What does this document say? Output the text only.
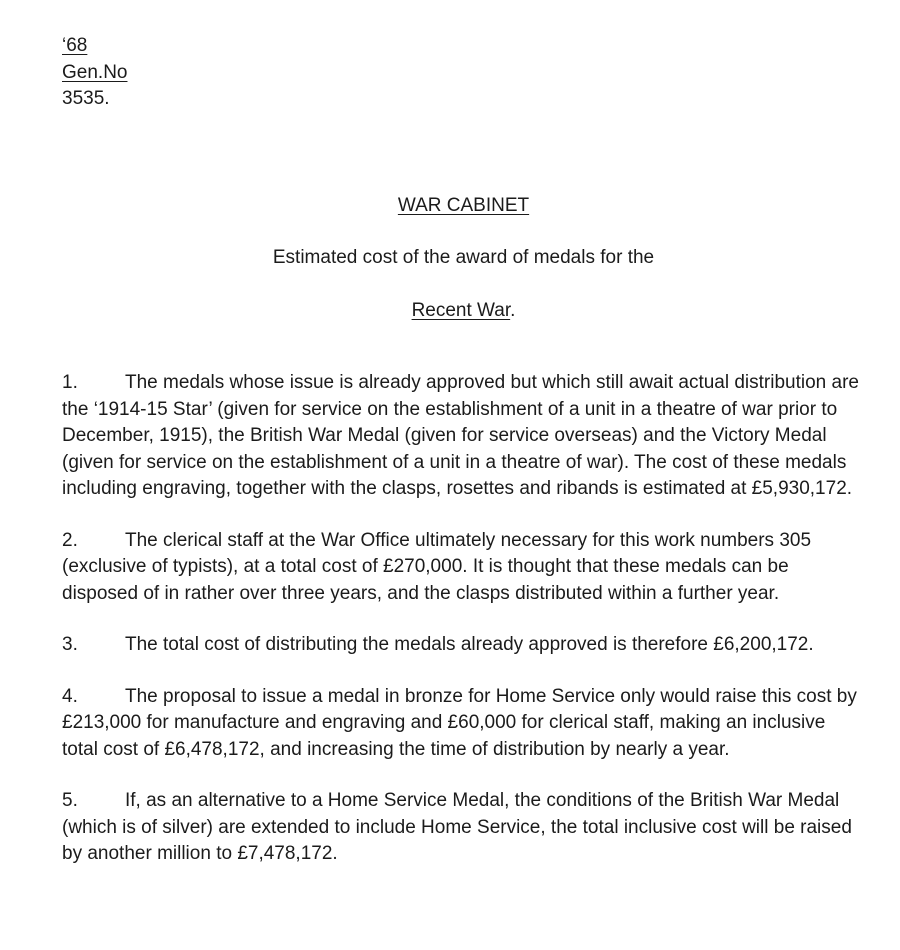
‘68
Gen.No
3535.
WAR CABINET
Estimated cost of the award of medals for the
Recent War.

1. The medals whose issue is already approved but which still await actual distribution are the ‘1914-15 Star’ (given for service on the establishment of a unit in a theatre of war prior to December, 1915), the British War Medal (given for service overseas) and the Victory Medal (given for service on the establishment of a unit in a theatre of war). The cost of these medals including engraving, together with the clasps, rosettes and ribands is estimated at £5,930,172.

2. The clerical staff at the War Office ultimately necessary for this work numbers 305 (exclusive of typists), at a total cost of £270,000. It is thought that these medals can be disposed of in rather over three years, and the clasps distributed within a further year.

3. The total cost of distributing the medals already approved is therefore £6,200,172.

4. The proposal to issue a medal in bronze for Home Service only would raise this cost by £213,000 for manufacture and engraving and £60,000 for clerical staff, making an inclusive total cost of £6,478,172, and increasing the time of distribution by nearly a year.

5. If, as an alternative to a Home Service Medal, the conditions of the British War Medal (which is of silver) are extended to include Home Service, the total inclusive cost will be raised by another million to £7,478,172.
